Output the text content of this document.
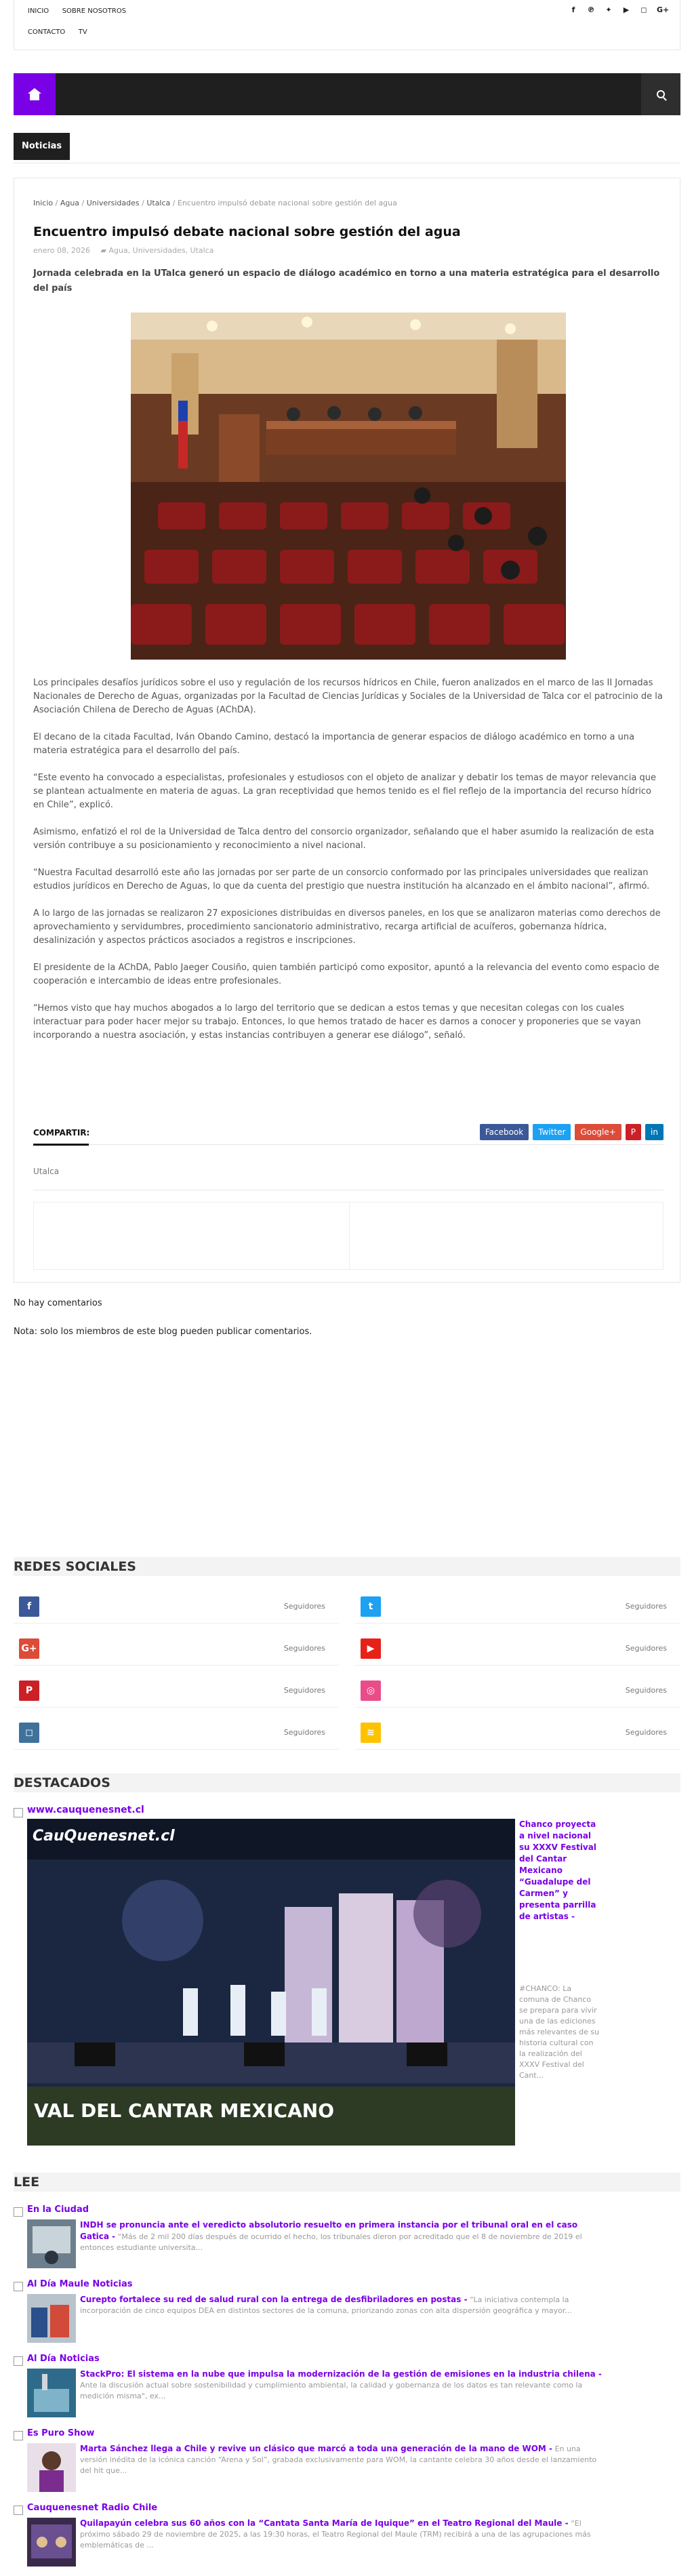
INICIO SOBRE NOSOTROS
CONTACTO TV
f	℗ ✦ ▶ ◻ G+
Noticias
Inicio / Agua / Universidades / Utalca / Encuentro impulsó debate nacional sobre gestión del agua
Encuentro impulsó debate nacional sobre gestión del agua
enero 08, 2026 ▰ Agua, Universidades, Utalca
Jornada celebrada en la UTalca generó un espacio de diálogo académico en torno a una materia estratégica para el desarrollo del país

Los principales desafíos jurídicos sobre el uso y regulación de los recursos hídricos en Chile, fueron analizados en el marco de las II Jornadas Nacionales de Derecho de Aguas, organizadas por la Facultad de Ciencias Jurídicas y Sociales de la Universidad de Talca cor el patrocinio de la Asociación Chilena de Derecho de Aguas (AChDA).

El decano de la citada Facultad, Iván Obando Camino, destacó la importancia de generar espacios de diálogo académico en torno a una materia estratégica para el desarrollo del país.

“Este evento ha convocado a especialistas, profesionales y estudiosos con el objeto de analizar y debatir los temas de mayor relevancia que se plantean actualmente en materia de aguas. La gran receptividad que hemos tenido es el fiel reflejo de la importancia del recurso hídrico en Chile”, explicó.

Asimismo, enfatizó el rol de la Universidad de Talca dentro del consorcio organizador, señalando que el haber asumido la realización de esta versión contribuye a su posicionamiento y reconocimiento a nivel nacional.

“Nuestra Facultad desarrolló este año las jornadas por ser parte de un consorcio conformado por las principales universidades que realizan estudios jurídicos en Derecho de Aguas, lo que da cuenta del prestigio que nuestra institución ha alcanzado en el ámbito nacional”, afirmó.

A lo largo de las jornadas se realizaron 27 exposiciones distribuidas en diversos paneles, en los que se analizaron materias como derechos de aprovechamiento y servidumbres, procedimiento sancionatorio administrativo, recarga artificial de acuíferos, gobernanza hídrica, desalinización y aspectos prácticos asociados a registros e inscripciones.

El presidente de la AChDA, Pablo Jaeger Cousiño, quien también participó como expositor, apuntó a la relevancia del evento como espacio de cooperación e intercambio de ideas entre profesionales.

“Hemos visto que hay muchos abogados a lo largo del territorio que se dedican a estos temas y que necesitan colegas con los cuales interactuar para poder hacer mejor su trabajo. Entonces, lo que hemos tratado de hacer es darnos a conocer y proponeries que se vayan incorporando a nuestra asociación, y estas instancias contribuyen a generar ese diálogo”, señaló.

COMPARTIR:	Facebook	Twitter	Google+	P	in
Utalca
No hay comentarios
Nota: solo los miembros de este blog pueden publicar comentarios.
REDES SOCIALES
f	Seguidores	t	Seguidores
G+	Seguidores	▶	Seguidores
P	Seguidores	◎	Seguidores
◻	Seguidores	≋	Seguidores
DESTACADOS
www.cauquenesnet.cl
CauQuenesnet.cl
VAL DEL CANTAR MEXICANO
Chanco proyecta a nivel nacional su XXXV Festival del Cantar Mexicano “Guadalupe del Carmen” y presenta parrilla de artistas -
#CHANCO: La comuna de Chanco se prepara para vivir una de las ediciones más relevantes de su historia cultural con la realización del XXXV Festival del Cant...
LEE
En la Ciudad
INDH se pronuncia ante el veredicto absolutorio resuelto en primera instancia por el tribunal oral en el caso Gatica - “Más de 2 mil 200 días después de ocurrido el hecho, los tribunales dieron por acreditado que el 8 de noviembre de 2019 el entonces estudiante universita...
Al Día Maule Noticias
Curepto fortalece su red de salud rural con la entrega de desfibriladores en postas - “La iniciativa contempla la incorporación de cinco equipos DEA en distintos sectores de la comuna, priorizando zonas con alta dispersión geográfica y mayor...
Al Día Noticias
StackPro: El sistema en la nube que impulsa la modernización de la gestión de emisiones en la industria chilena - Ante la discusión actual sobre sostenibilidad y cumplimiento ambiental, la calidad y gobernanza de los datos es tan relevante como la medición misma", ex...
Es Puro Show
Marta Sánchez llega a Chile y revive un clásico que marcó a toda una generación de la mano de WOM - En una versión inédita de la icónica canción “Arena y Sol”, grabada exclusivamente para WOM, la cantante celebra 30 años desde el lanzamiento del hit que...
Cauquenesnet Radio Chile
Quilapayún celebra sus 60 años con la “Cantata Santa María de Iquique” en el Teatro Regional del Maule - “El próximo sábado 29 de noviembre de 2025, a las 19:30 horas, el Teatro Regional del Maule (TRM) recibirá a una de las agrupaciones más emblemáticas de ...
